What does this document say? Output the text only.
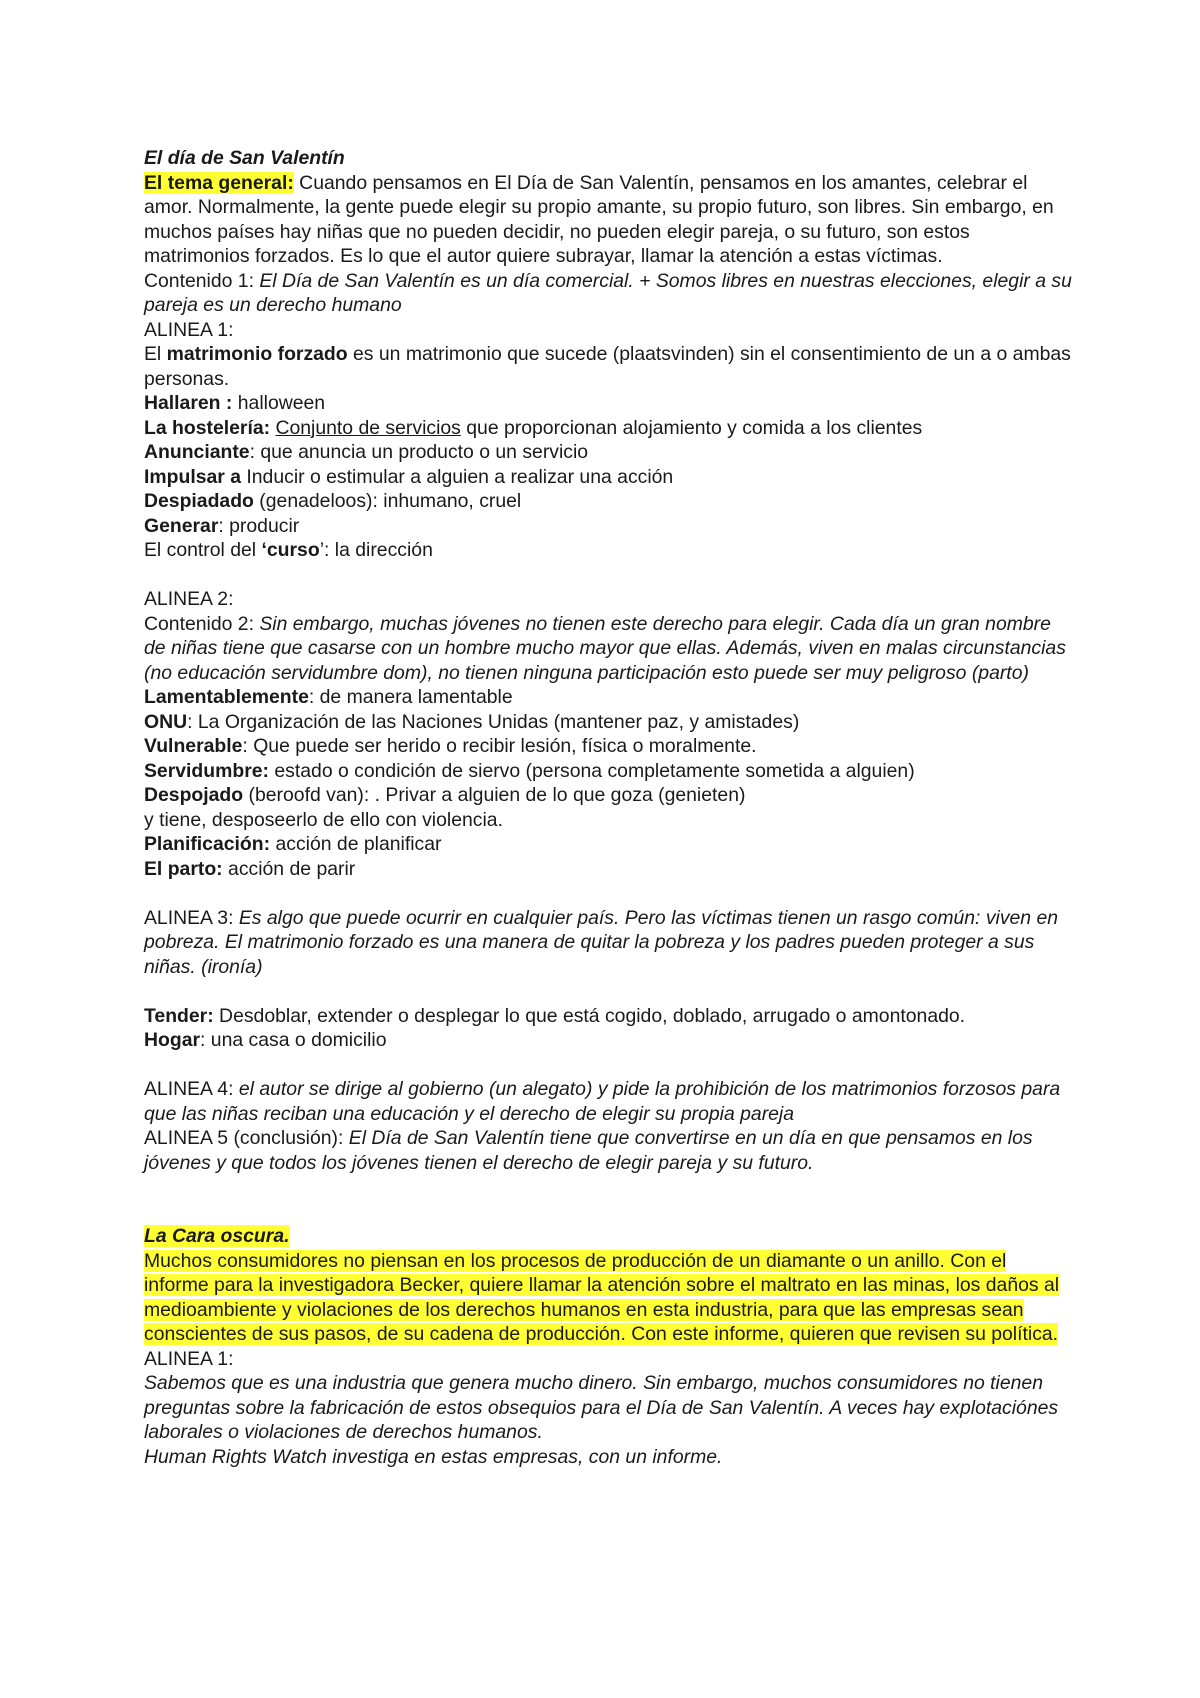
El día de San Valentín

El tema general: Cuando pensamos en El Día de San Valentín, pensamos en los amantes, celebrar el amor. Normalmente, la gente puede elegir su propio amante, su propio futuro, son libres. Sin embargo, en muchos países hay niñas que no pueden decidir, no pueden elegir pareja, o su futuro, son estos matrimonios forzados. Es lo que el autor quiere subrayar, llamar la atención a estas víctimas.

Contenido 1: El Día de San Valentín es un día comercial. + Somos libres en nuestras elecciones, elegir a su pareja es un derecho humano

ALINEA 1:

El matrimonio forzado es un matrimonio que sucede (plaatsvinden) sin el consentimiento de un a o ambas personas.

Hallaren : halloween

La hostelería: Conjunto de servicios que proporcionan alojamiento y comida a los clientes

Anunciante: que anuncia un producto o un servicio

Impulsar a Inducir o estimular a alguien a realizar una acción

Despiadado (genadeloos): inhumano, cruel

Generar: producir

El control del ‘curso’: la dirección

ALINEA 2:

Contenido 2: Sin embargo, muchas jóvenes no tienen este derecho para elegir. Cada día un gran nombre de niñas tiene que casarse con un hombre mucho mayor que ellas. Además, viven en malas circunstancias (no educación servidumbre dom), no tienen ninguna participación esto puede ser muy peligroso (parto)

Lamentablemente: de manera lamentable

ONU: La Organización de las Naciones Unidas (mantener paz, y amistades)

Vulnerable: Que puede ser herido o recibir lesión, física o moralmente.

Servidumbre: estado o condición de siervo (persona completamente sometida a alguien)

Despojado (beroofd van): . Privar a alguien de lo que goza (genieten)

y tiene, desposeerlo de ello con violencia.

Planificación: acción de planificar

El parto: acción de parir

ALINEA 3: Es algo que puede ocurrir en cualquier país. Pero las víctimas tienen un rasgo común: viven en pobreza. El matrimonio forzado es una manera de quitar la pobreza y los padres pueden proteger a sus niñas. (ironía)

Tender: Desdoblar, extender o desplegar lo que está cogido, doblado, arrugado o amontonado.

Hogar: una casa o domicilio

ALINEA 4: el autor se dirige al gobierno (un alegato) y pide la prohibición de los matrimonios forzosos para que las niñas reciban una educación y el derecho de elegir su propia pareja

ALINEA 5 (conclusión): El Día de San Valentín tiene que convertirse en un día en que pensamos en los jóvenes y que todos los jóvenes tienen el derecho de elegir pareja y su futuro.

La Cara oscura.

Muchos consumidores no piensan en los procesos de producción de un diamante o un anillo. Con el informe para la investigadora Becker, quiere llamar la atención sobre el maltrato en las minas, los daños al medioambiente y violaciones de los derechos humanos en esta industria, para que las empresas sean conscientes de sus pasos, de su cadena de producción. Con este informe, quieren que revisen su política.

ALINEA 1:

Sabemos que es una industria que genera mucho dinero. Sin embargo, muchos consumidores no tienen preguntas sobre la fabricación de estos obsequios para el Día de San Valentín. A veces hay explotaciónes laborales o violaciones de derechos humanos.

Human Rights Watch investiga en estas empresas, con un informe.
